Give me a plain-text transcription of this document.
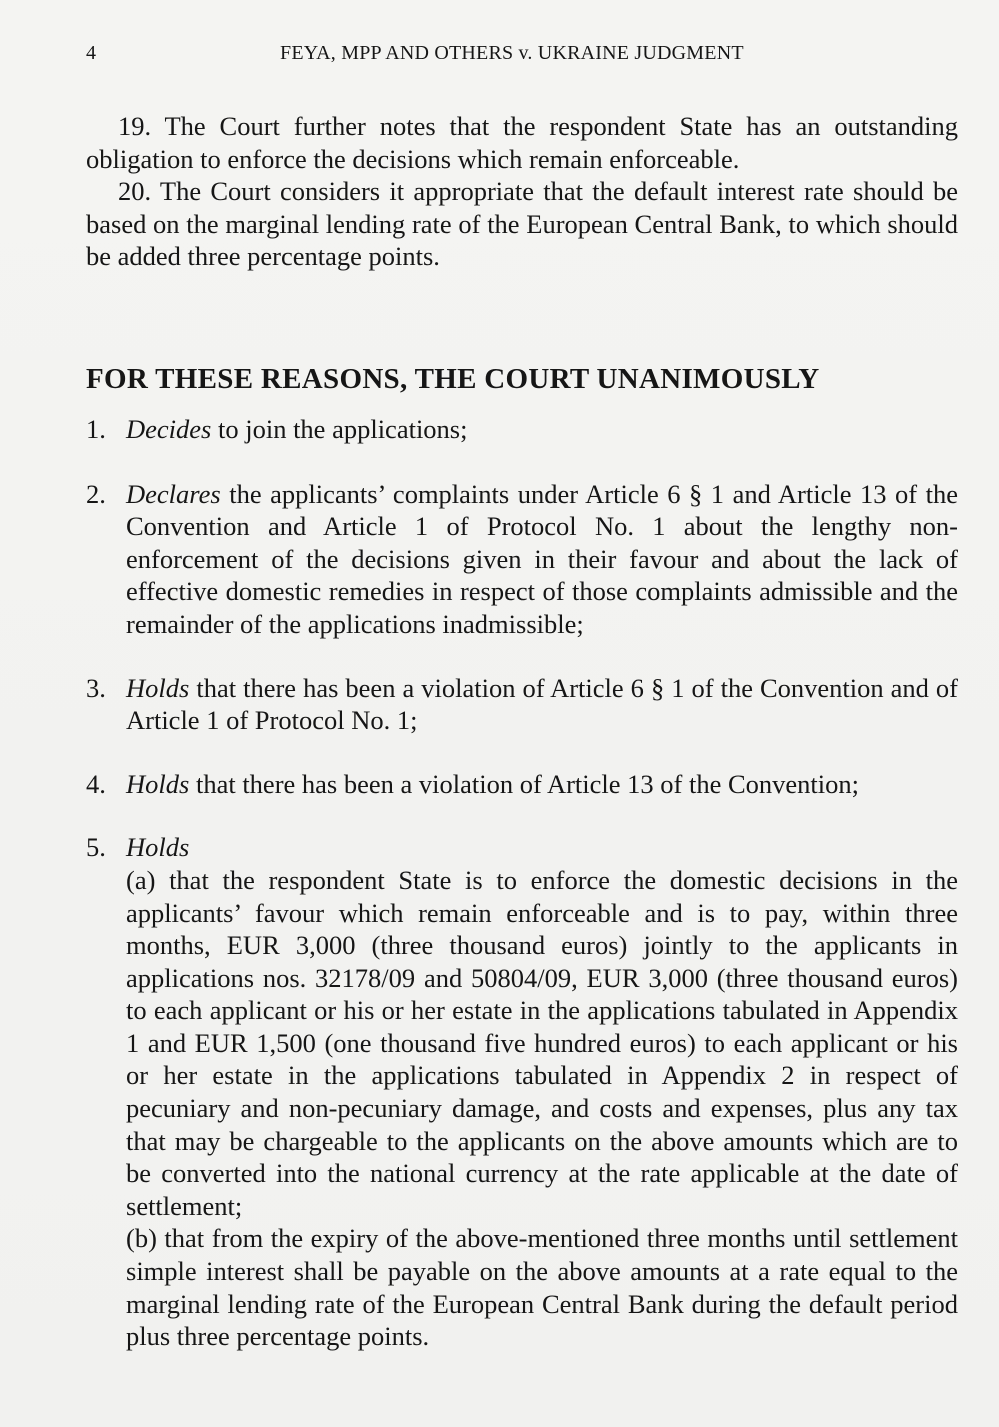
4	FEYA, MPP AND OTHERS v. UKRAINE JUDGMENT

19. The Court further notes that the respondent State has an outstanding obligation to enforce the decisions which remain enforceable.

20. The Court considers it appropriate that the default interest rate should be based on the marginal lending rate of the European Central Bank, to which should be added three percentage points.

FOR THESE REASONS, THE COURT UNANIMOUSLY
1. Decides to join the applications;
2. Declares the applicants’ complaints under Article 6 § 1 and Article 13 of the Convention and Article 1 of Protocol No. 1 about the lengthy non-enforcement of the decisions given in their favour and about the lack of effective domestic remedies in respect of those complaints admissible and the remainder of the applications inadmissible;
3. Holds that there has been a violation of Article 6 § 1 of the Convention and of Article 1 of Protocol No. 1;
4. Holds that there has been a violation of Article 13 of the Convention;
5. Holds

(a) that the respondent State is to enforce the domestic decisions in the applicants’ favour which remain enforceable and is to pay, within three months, EUR 3,000 (three thousand euros) jointly to the applicants in applications nos. 32178/09 and 50804/09, EUR 3,000 (three thousand euros) to each applicant or his or her estate in the applications tabulated in Appendix 1 and EUR 1,500 (one thousand five hundred euros) to each applicant or his or her estate in the applications tabulated in Appendix 2 in respect of pecuniary and non-pecuniary damage, and costs and expenses, plus any tax that may be chargeable to the applicants on the above amounts which are to be converted into the national currency at the rate applicable at the date of settlement;

(b) that from the expiry of the above-mentioned three months until settlement simple interest shall be payable on the above amounts at a rate equal to the marginal lending rate of the European Central Bank during the default period plus three percentage points.
